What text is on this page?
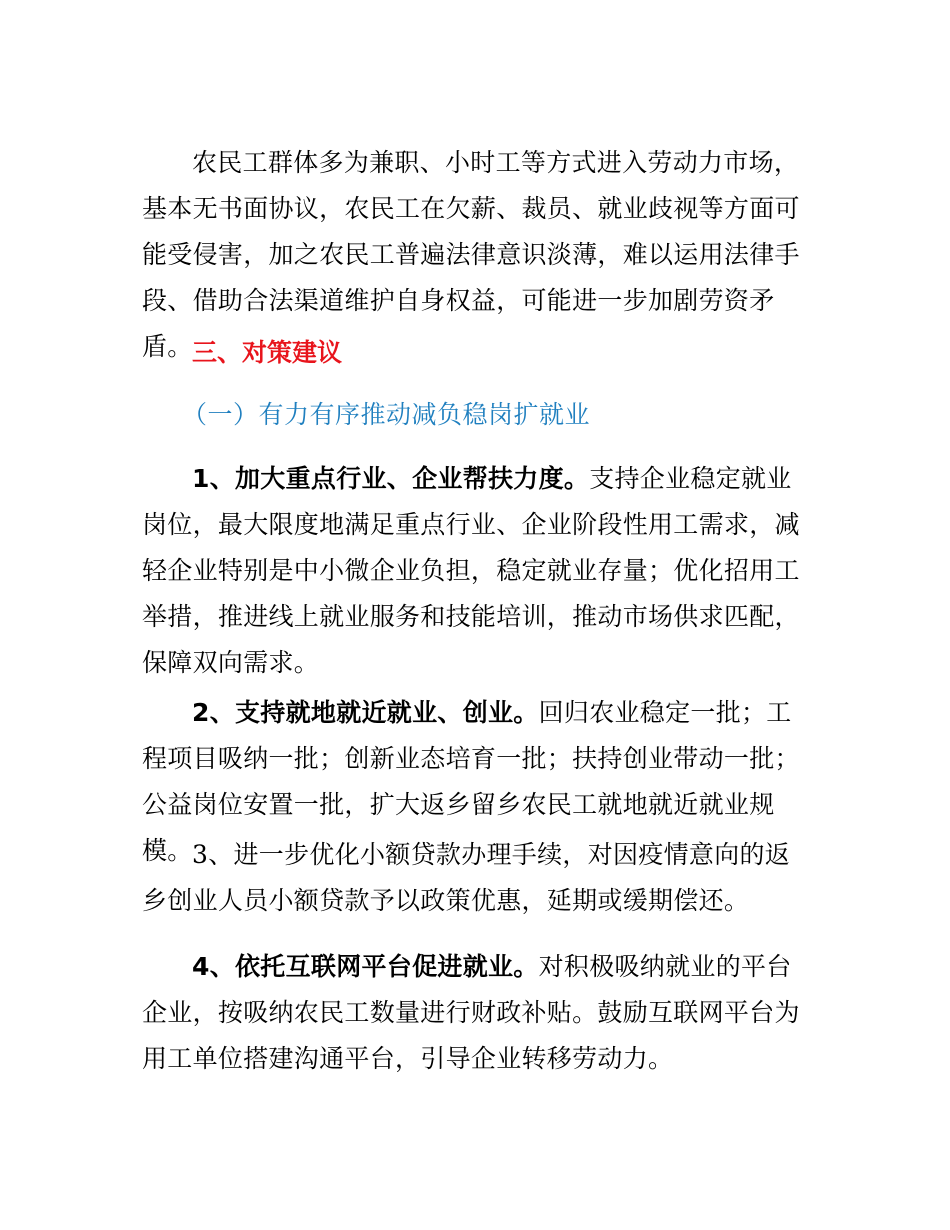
农民工群体多为兼职、小时工等方式进入劳动力市场，基本无书面协议，农民工在欠薪、裁员、就业歧视等方面可能受侵害，加之农民工普遍法律意识淡薄，难以运用法律手段、借助合法渠道维护自身权益，可能进一步加剧劳资矛盾。 三、对策建议

（一）有力有序推动减负稳岗扩就业

1、加大重点行业、企业帮扶力度。支持企业稳定就业岗位，最大限度地满足重点行业、企业阶段性用工需求，减轻企业特别是中小微企业负担，稳定就业存量；优化招用工举措，推进线上就业服务和技能培训，推动市场供求匹配，保障双向需求。

2、支持就地就近就业、创业。回归农业稳定一批；工程项目吸纳一批；创新业态培育一批；扶持创业带动一批；公益岗位安置一批，扩大返乡留乡农民工就地就近就业规模。 3、进一步优化小额贷款办理手续，对因疫情意向的返乡创业人员小额贷款予以政策优惠，延期或缓期偿还。

4、依托互联网平台促进就业。对积极吸纳就业的平台企业，按吸纳农民工数量进行财政补贴。鼓励互联网平台为用工单位搭建沟通平台，引导企业转移劳动力。
